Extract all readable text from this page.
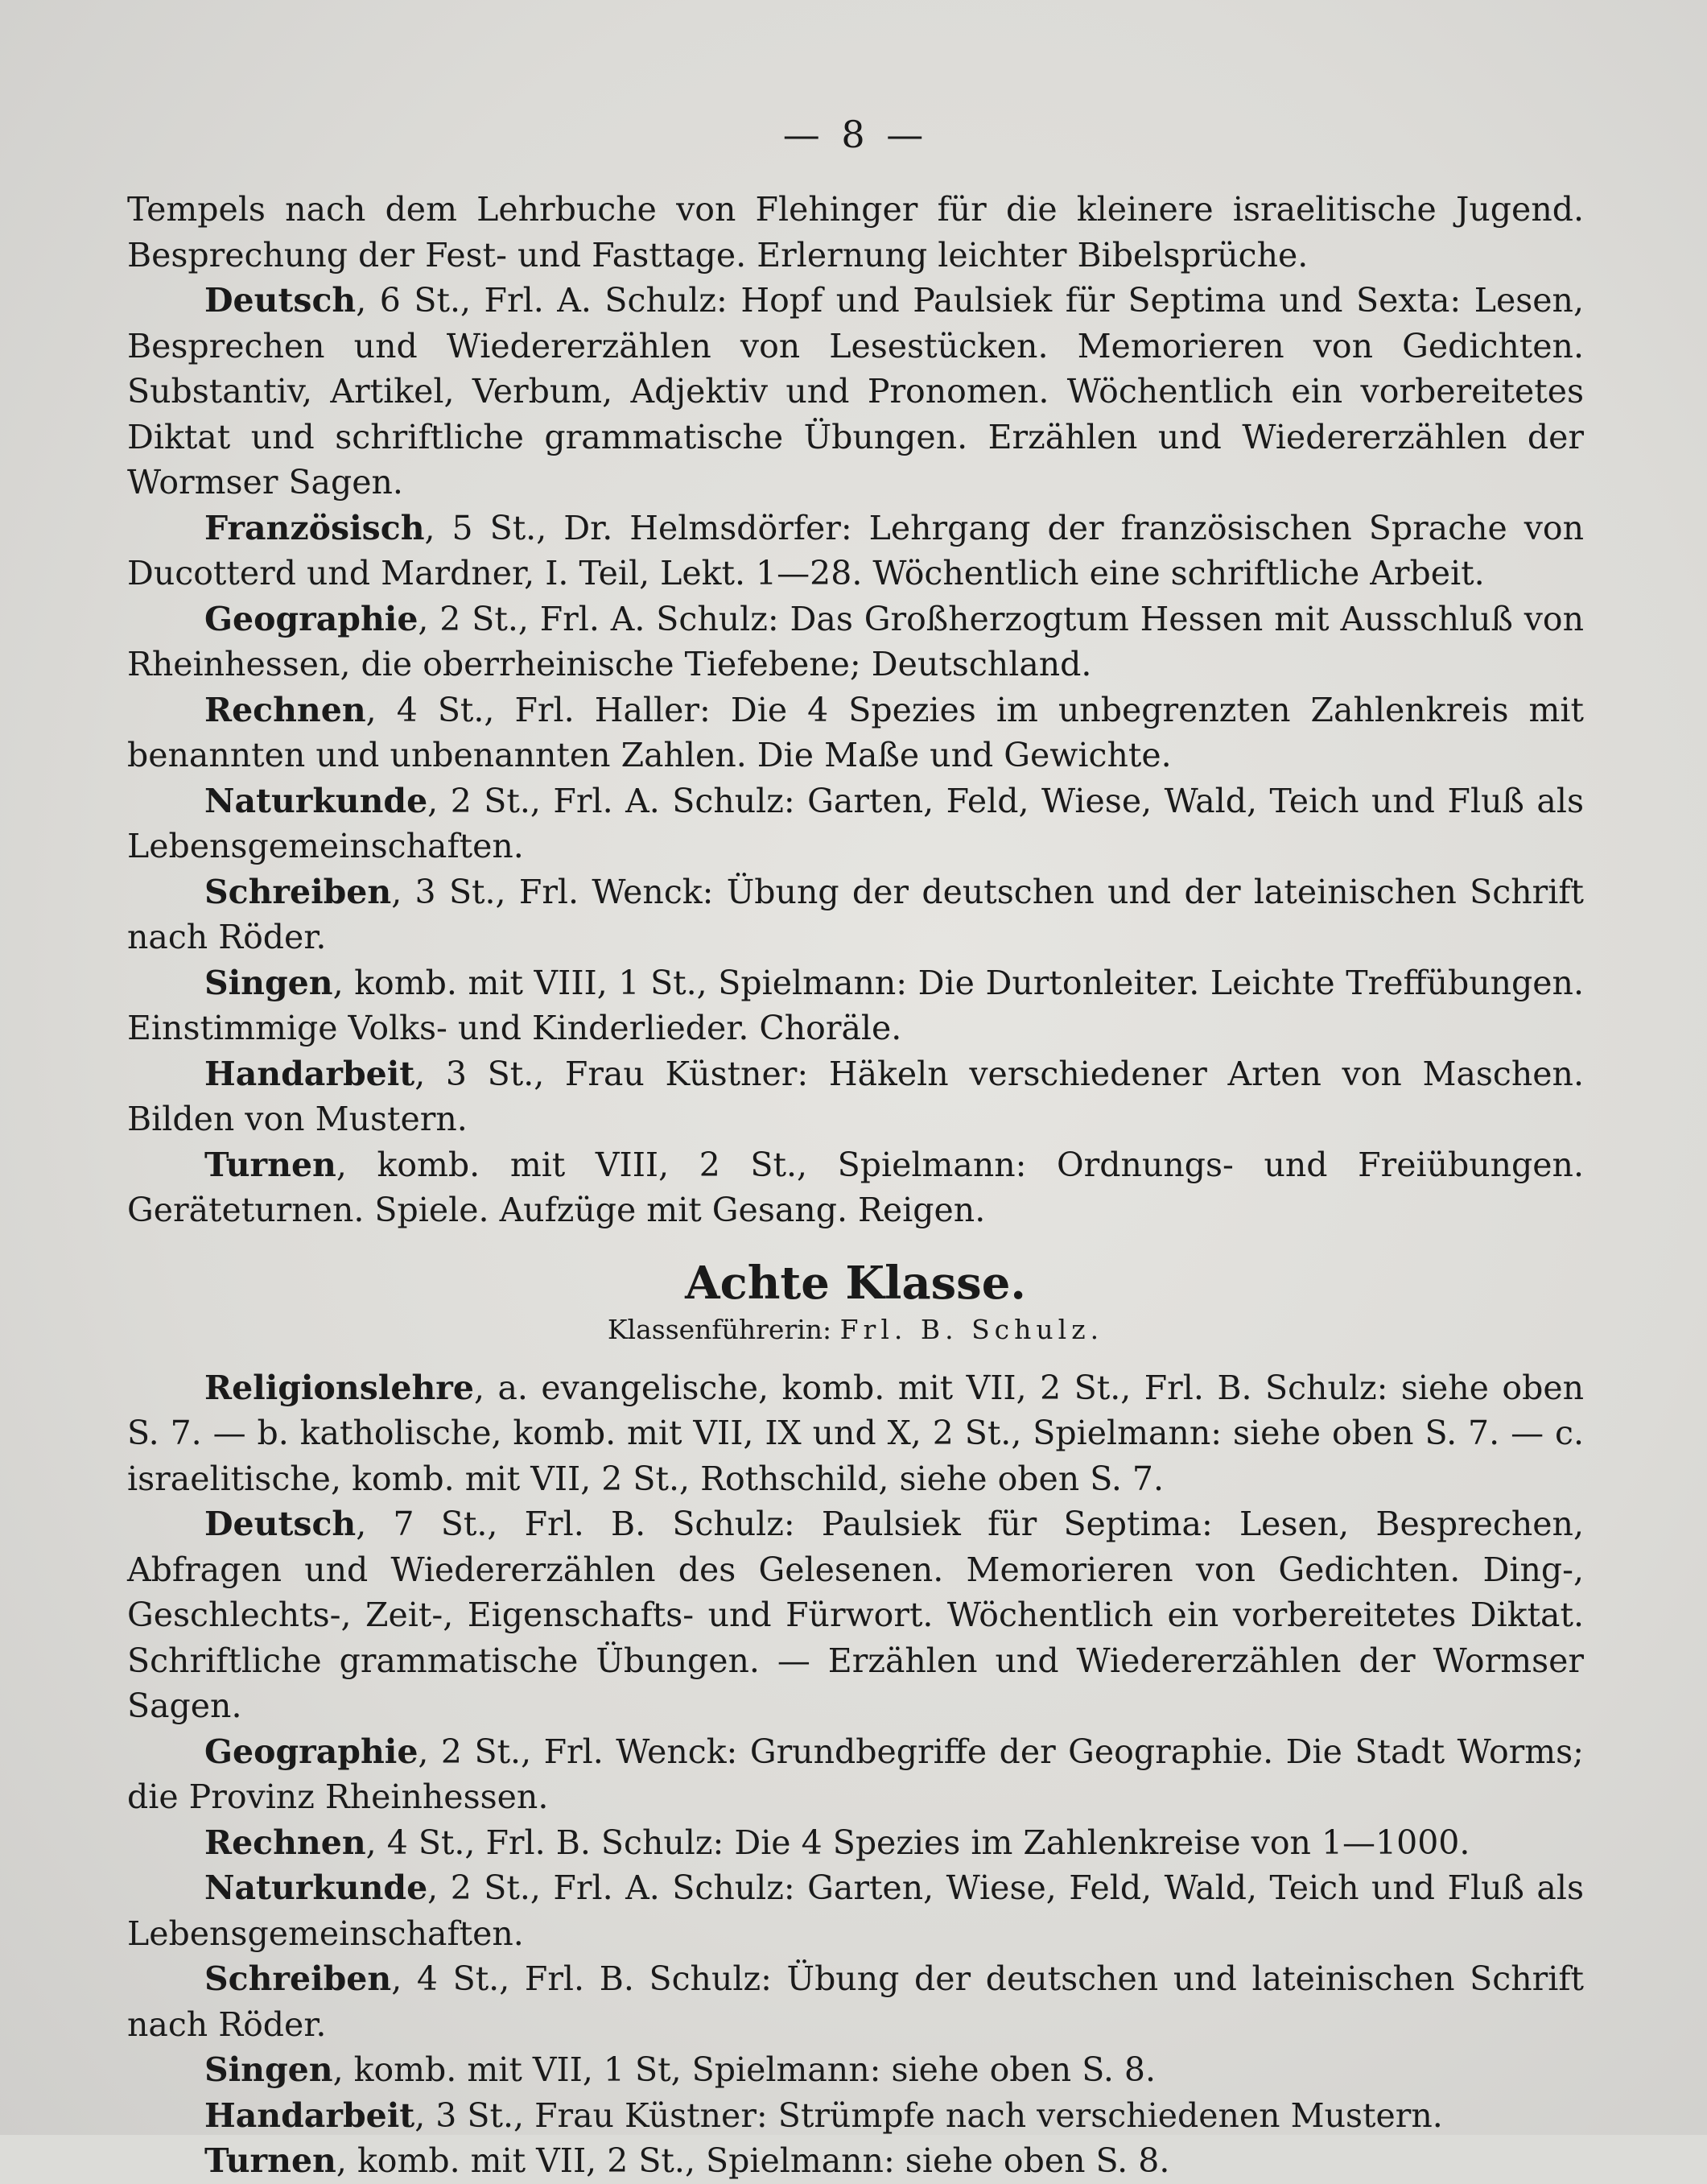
— 8 —

Tempels nach dem Lehrbuche von Flehinger für die kleinere israelitische Jugend. Besprechung der Fest- und Fasttage. Erlernung leichter Bibelsprüche.

Deutsch, 6 St., Frl. A. Schulz: Hopf und Paulsiek für Septima und Sexta: Lesen, Besprechen und Wiedererzählen von Lesestücken. Memorieren von Gedichten. Substantiv, Artikel, Verbum, Adjektiv und Pronomen. Wöchentlich ein vorbereitetes Diktat und schriftliche grammatische Übungen. Erzählen und Wiedererzählen der Wormser Sagen.

Französisch, 5 St., Dr. Helmsdörfer: Lehrgang der französischen Sprache von Ducotterd und Mardner, I. Teil, Lekt. 1—28. Wöchentlich eine schriftliche Arbeit.

Geographie, 2 St., Frl. A. Schulz: Das Großherzogtum Hessen mit Ausschluß von Rheinhessen, die oberrheinische Tiefebene; Deutschland.

Rechnen, 4 St., Frl. Haller: Die 4 Spezies im unbegrenzten Zahlenkreis mit benannten und unbenannten Zahlen. Die Maße und Gewichte.

Naturkunde, 2 St., Frl. A. Schulz: Garten, Feld, Wiese, Wald, Teich und Fluß als Lebensgemeinschaften.

Schreiben, 3 St., Frl. Wenck: Übung der deutschen und der lateinischen Schrift nach Röder.

Singen, komb. mit VIII, 1 St., Spielmann: Die Durtonleiter. Leichte Treffübungen. Einstimmige Volks- und Kinderlieder. Choräle.

Handarbeit, 3 St., Frau Küstner: Häkeln verschiedener Arten von Maschen. Bilden von Mustern.

Turnen, komb. mit VIII, 2 St., Spielmann: Ordnungs- und Freiübungen. Geräteturnen. Spiele. Aufzüge mit Gesang. Reigen.

Achte Klasse.
Klassenführerin: Frl. B. Schulz.

Religionslehre, a. evangelische, komb. mit VII, 2 St., Frl. B. Schulz: siehe oben S. 7. — b. katholische, komb. mit VII, IX und X, 2 St., Spielmann: siehe oben S. 7. — c. israelitische, komb. mit VII, 2 St., Rothschild, siehe oben S. 7.

Deutsch, 7 St., Frl. B. Schulz: Paulsiek für Septima: Lesen, Besprechen, Abfragen und Wiedererzählen des Gelesenen. Memorieren von Gedichten. Ding-, Geschlechts-, Zeit-, Eigenschafts- und Fürwort. Wöchentlich ein vorbereitetes Diktat. Schriftliche grammatische Übungen. — Erzählen und Wiedererzählen der Wormser Sagen.

Geographie, 2 St., Frl. Wenck: Grundbegriffe der Geographie. Die Stadt Worms; die Provinz Rheinhessen.

Rechnen, 4 St., Frl. B. Schulz: Die 4 Spezies im Zahlenkreise von 1—1000.

Naturkunde, 2 St., Frl. A. Schulz: Garten, Wiese, Feld, Wald, Teich und Fluß als Lebensgemeinschaften.

Schreiben, 4 St., Frl. B. Schulz: Übung der deutschen und lateinischen Schrift nach Röder.

Singen, komb. mit VII, 1 St, Spielmann: siehe oben S. 8.

Handarbeit, 3 St., Frau Küstner: Strümpfe nach verschiedenen Mustern.

Turnen, komb. mit VII, 2 St., Spielmann: siehe oben S. 8.
